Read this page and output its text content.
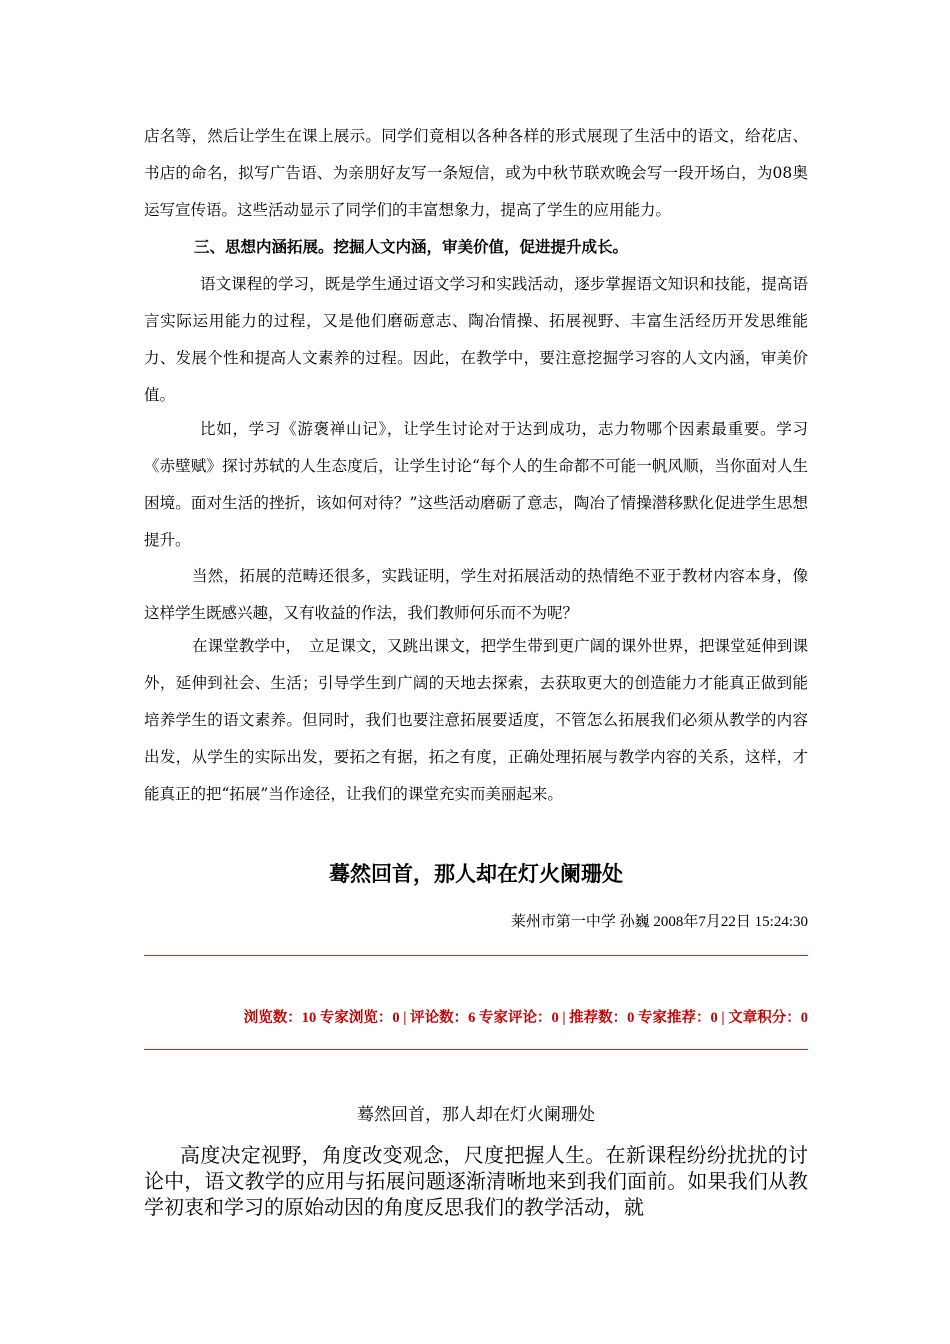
店名等，然后让学生在课上展示。同学们竟相以各种各样的形式展现了生活中的语文，给花店、书店的命名，拟写广告语、为亲朋好友写一条短信，或为中秋节联欢晚会写一段开场白，为08奥运写宣传语。这些活动显示了同学们的丰富想象力，提高了学生的应用能力。

三、思想内涵拓展。挖掘人文内涵，审美价值，促进提升成长。

语文课程的学习，既是学生通过语文学习和实践活动，逐步掌握语文知识和技能，提高语言实际运用能力的过程，又是他们磨砺意志、陶冶情操、拓展视野、丰富生活经历开发思维能力、发展个性和提高人文素养的过程。因此，在教学中，要注意挖掘学习容的人文内涵，审美价值。

比如，学习《游褒禅山记》，让学生讨论对于达到成功，志力物哪个因素最重要。学习《赤壁赋》探讨苏轼的人生态度后，让学生讨论“每个人的生命都不可能一帆风顺，当你面对人生困境。面对生活的挫折，该如何对待？”这些活动磨砺了意志，陶冶了情操潜移默化促进学生思想提升。

当然，拓展的范畴还很多，实践证明，学生对拓展活动的热情绝不亚于教材内容本身，像这样学生既感兴趣，又有收益的作法，我们教师何乐而不为呢？

在课堂教学中，　立足课文，又跳出课文，把学生带到更广阔的课外世界，把课堂延伸到课外，延伸到社会、生活；引导学生到广阔的天地去探索，去获取更大的创造能力才能真正做到能培养学生的语文素养。但同时，我们也要注意拓展要适度，不管怎么拓展我们必须从教学的内容出发，从学生的实际出发，要拓之有据，拓之有度，正确处理拓展与教学内容的关系，这样，才能真正的把“拓展”当作途径，让我们的课堂充实而美丽起来。

蓦然回首，那人却在灯火阑珊处
莱州市第一中学 孙巍 2008年7月22日 15:24:30
浏览数：10 专家浏览：0 | 评论数：6 专家评论：0 | 推荐数：0 专家推荐：0 | 文章积分：0
蓦然回首，那人却在灯火阑珊处

高度决定视野，角度改变观念，尺度把握人生。在新课程纷纷扰扰的讨论中，语文教学的应用与拓展问题逐渐清晰地来到我们面前。如果我们从教学初衷和学习的原始动因的角度反思我们的教学活动，就
